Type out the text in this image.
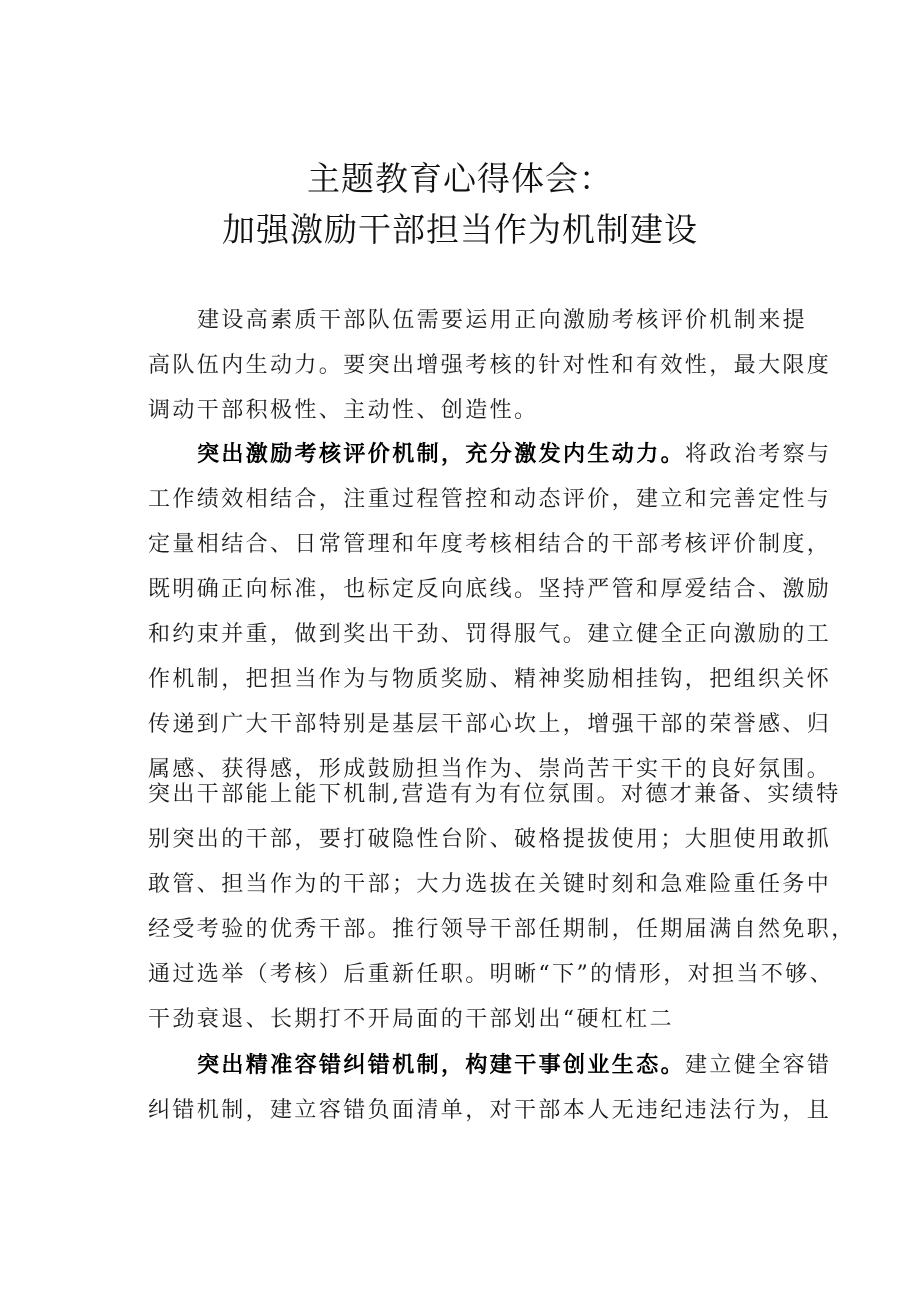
主题教育心得体会：
加强激励干部担当作为机制建设
建设高素质干部队伍需要运用正向激励考核评价机制来提
高队伍内生动力。要突出增强考核的针对性和有效性，最大限度
调动干部积极性、主动性、创造性。
突出激励考核评价机制，充分激发内生动力。将政治考察与
工作绩效相结合，注重过程管控和动态评价，建立和完善定性与
定量相结合、日常管理和年度考核相结合的干部考核评价制度，
既明确正向标准，也标定反向底线。坚持严管和厚爱结合、激励
和约束并重，做到奖出干劲、罚得服气。建立健全正向激励的工
作机制，把担当作为与物质奖励、精神奖励相挂钩，把组织关怀
传递到广大干部特别是基层干部心坎上，增强干部的荣誉感、归
属感、获得感，形成鼓励担当作为、崇尚苦干实干的良好氛围。
突出干部能上能下机制,营造有为有位氛围。对德才兼备、实绩特
别突出的干部，要打破隐性台阶、破格提拔使用；大胆使用敢抓
敢管、担当作为的干部；大力选拔在关键时刻和急难险重任务中
经受考验的优秀干部。推行领导干部任期制，任期届满自然免职，
通过选举（考核）后重新任职。明晰“下”的情形，对担当不够、
干劲衰退、长期打不开局面的干部划出“硬杠杠二
突出精准容错纠错机制，构建干事创业生态。建立健全容错
纠错机制，建立容错负面清单，对干部本人无违纪违法行为，且
